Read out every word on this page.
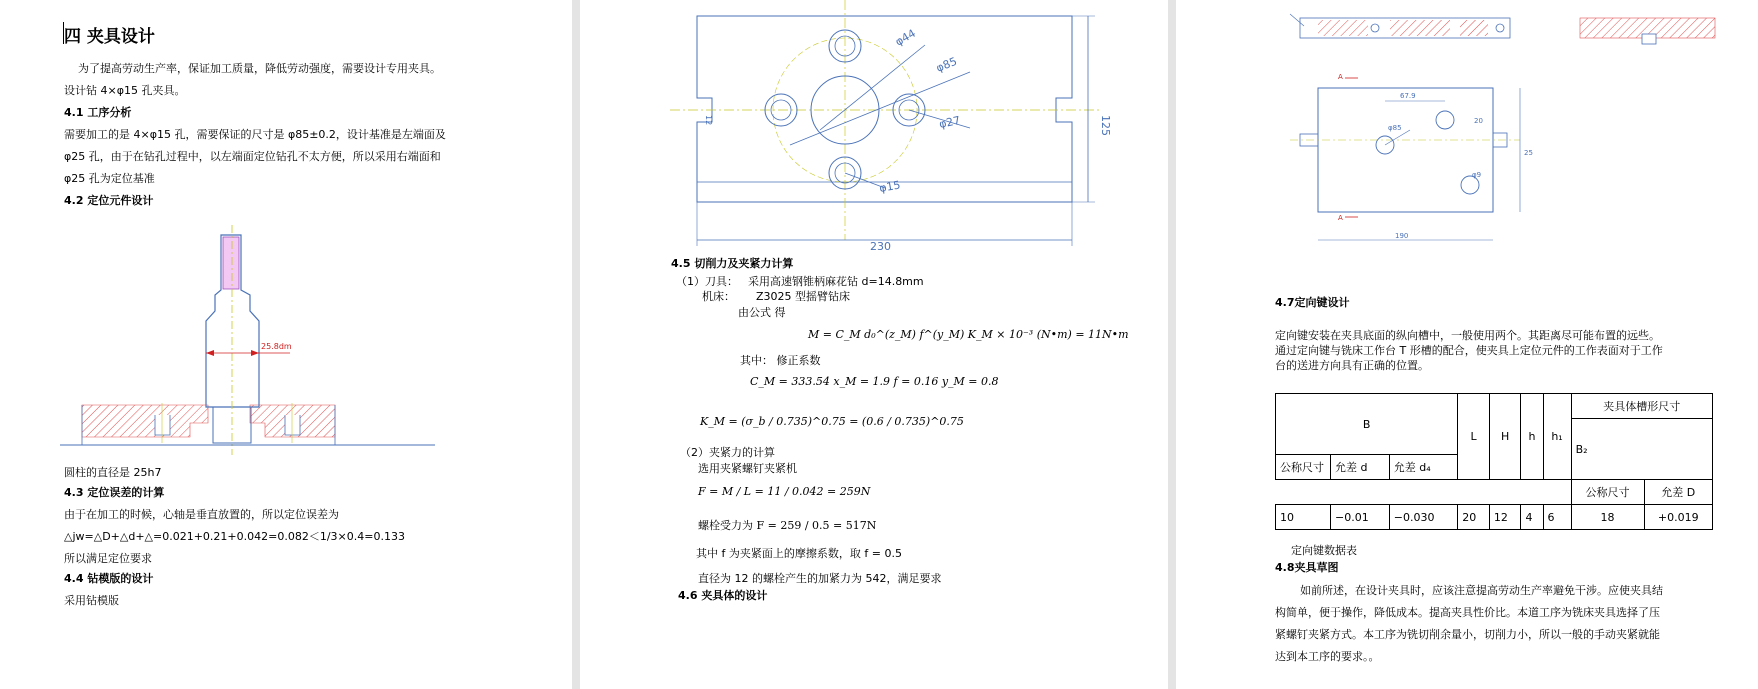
四 夹具设计
为了提高劳动生产率，保证加工质量，降低劳动强度，需要设计专用夹具。
设计钻 4×φ15 孔夹具。
4.1 工序分析
需要加工的是 4×φ15 孔，需要保证的尺寸是 φ85±0.2，设计基准是左端面及
φ25 孔，由于在钻孔过程中，以左端面定位钻孔不太方便，所以采用右端面和
φ25 孔为定位基准
4.2 定位元件设计
25.8dm
圆柱的直径是 25h7
4.3 定位误差的计算
由于在加工的时候，心轴是垂直放置的，所以定位误差为
△jw=△D+△d+△=0.021+0.21+0.042=0.082＜1/3×0.4=0.133
所以满足定位要求
4.4 钻模版的设计
采用钻模版
φ44
φ85
φ27
φ15
125
12
230
4.5 切削力及夹紧力计算
（1）刀具： 采用高速钢锥柄麻花钻 d=14.8mm
机床： Z3025 型摇臂钻床
由公式 得
M = C_M d₀^(z_M) f^(y_M) K_M × 10⁻³ (N•m) = 11N•m
其中： 修正系数
C_M = 333.54 x_M = 1.9 f = 0.16 y_M = 0.8
K_M = (σ_b / 0.735)^0.75 = (0.6 / 0.735)^0.75
（2）夹紧力的计算
选用夹紧螺钉夹紧机
F = M / L = 11 / 0.042 = 259N
螺栓受力为 F = 259 / 0.5 = 517N
其中 f 为夹紧面上的摩擦系数，取 f = 0.5
直径为 12 的螺栓产生的加紧力为 542，满足要求
4.6 夹具体的设计
φ85
φ9
67.9
20
25
190
A
A
4.7定向键设计
定向键安装在夹具底面的纵向槽中，一般使用两个。其距离尽可能布置的远些。
通过定向键与铣床工作台 T 形槽的配合，使夹具上定位元件的工作表面对于工作
台的送进方向具有正确的位置。
B			L	H	h	h₁	夹具体槽形尺寸	
							B₂	
公称尺寸	允差 d	允差 d₄						
							公称尺寸	允差 D
10	−0.01	−0.030	20	12	4	6	18	+0.019
定向键数据表
4.8夹具草图
如前所述，在设计夹具时，应该注意提高劳动生产率避免干涉。应使夹具结
构简单，便于操作，降低成本。提高夹具性价比。本道工序为铣床夹具选择了压
紧螺钉夹紧方式。本工序为铣切削余量小，切削力小，所以一般的手动夹紧就能
达到本工序的要求。。
